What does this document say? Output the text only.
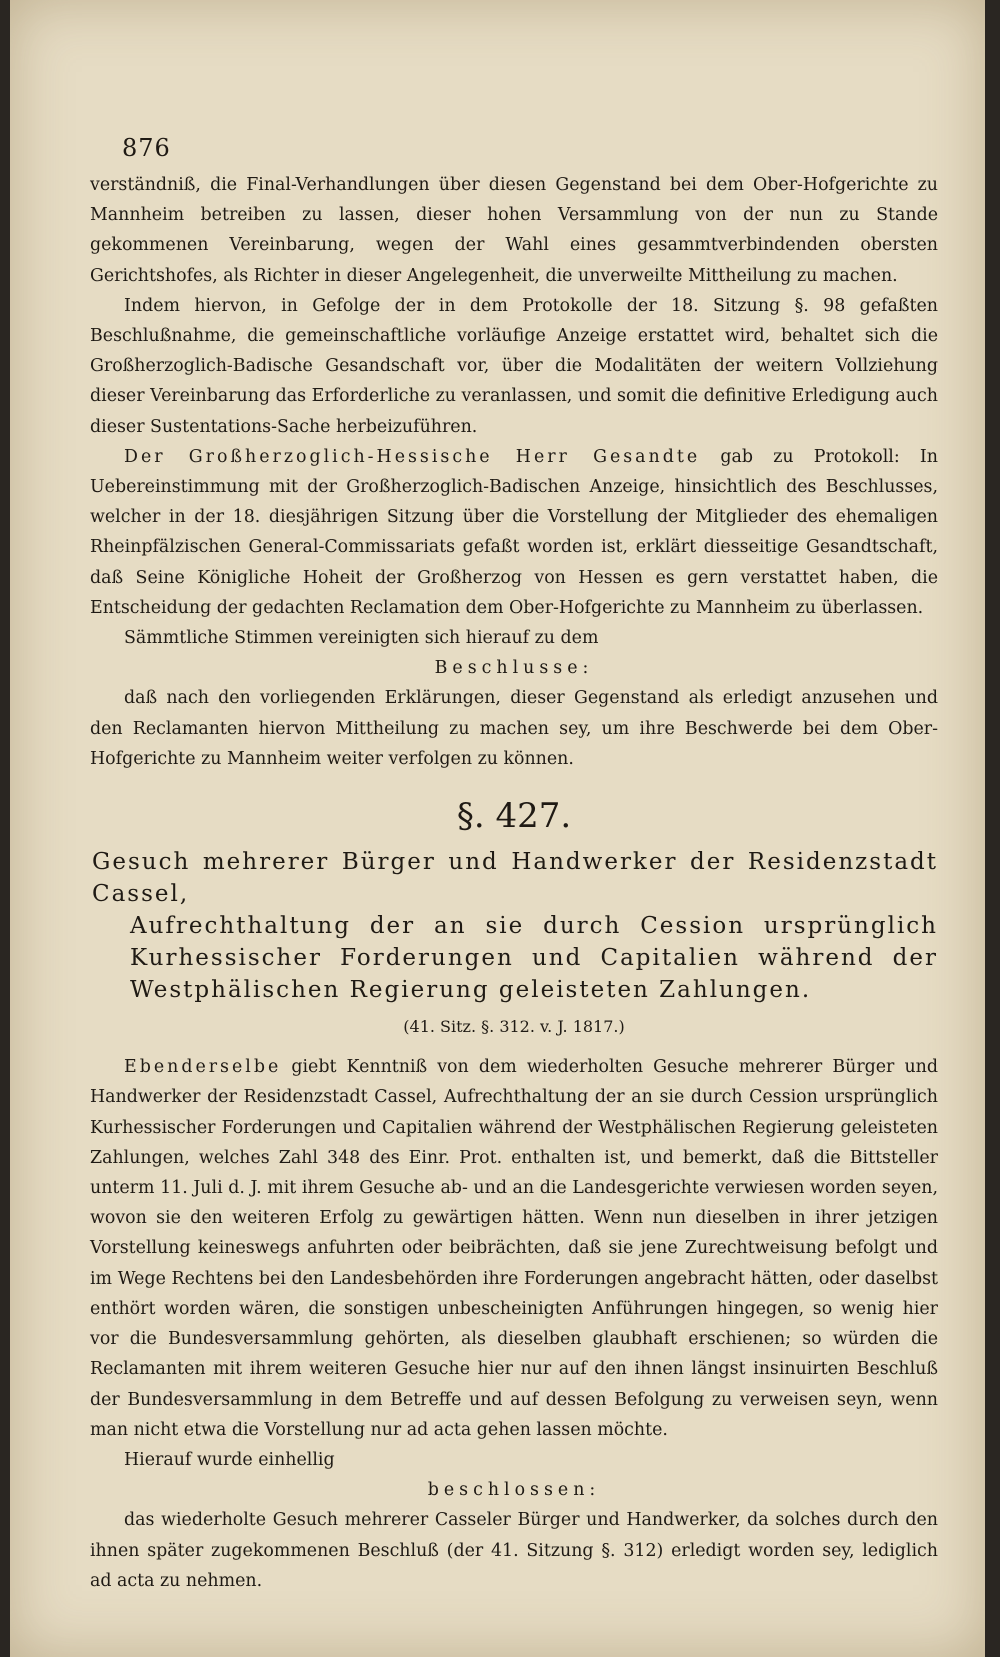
876

verständniß, die Final-Verhandlungen über diesen Gegenstand bei dem Ober-Hofgerichte zu Mannheim betreiben zu lassen, dieser hohen Versammlung von der nun zu Stande gekommenen Vereinbarung, wegen der Wahl eines gesammtverbindenden obersten Gerichtshofes, als Richter in dieser Angelegenheit, die unverweilte Mittheilung zu machen.

Indem hiervon, in Gefolge der in dem Protokolle der 18. Sitzung §. 98 gefaßten Beschlußnahme, die gemeinschaftliche vorläufige Anzeige erstattet wird, behaltet sich die Großherzoglich-Badische Gesandschaft vor, über die Modalitäten der weitern Vollziehung dieser Vereinbarung das Erforderliche zu veranlassen, und somit die definitive Erledigung auch dieser Sustentations-Sache herbeizuführen.

Der Großherzoglich-Hessische Herr Gesandte gab zu Protokoll: In Uebereinstimmung mit der Großherzoglich-Badischen Anzeige, hinsichtlich des Beschlusses, welcher in der 18. diesjährigen Sitzung über die Vorstellung der Mitglieder des ehemaligen Rheinpfälzischen General-Commissariats gefaßt worden ist, erklärt diesseitige Gesandtschaft, daß Seine Königliche Hoheit der Großherzog von Hessen es gern verstattet haben, die Entscheidung der gedachten Reclamation dem Ober-Hofgerichte zu Mannheim zu überlassen.

Sämmtliche Stimmen vereinigten sich hierauf zu dem

Beschlusse:

daß nach den vorliegenden Erklärungen, dieser Gegenstand als erledigt anzusehen und den Reclamanten hiervon Mittheilung zu machen sey, um ihre Beschwerde bei dem Ober-Hofgerichte zu Mannheim weiter verfolgen zu können.

§. 427.
Gesuch mehrerer Bürger und Handwerker der Residenzstadt Cassel,
Aufrechthaltung der an sie durch Cession ursprünglich Kurhessischer Forderungen und Capitalien während der Westphälischen Regierung geleisteten Zahlungen.
(41. Sitz. §. 312. v. J. 1817.)

Ebenderselbe giebt Kenntniß von dem wiederholten Gesuche mehrerer Bürger und Handwerker der Residenzstadt Cassel, Aufrechthaltung der an sie durch Cession ursprünglich Kurhessischer Forderungen und Capitalien während der Westphälischen Regierung geleisteten Zahlungen, welches Zahl 348 des Einr. Prot. enthalten ist, und bemerkt, daß die Bittsteller unterm 11. Juli d. J. mit ihrem Gesuche ab- und an die Landesgerichte verwiesen worden seyen, wovon sie den weiteren Erfolg zu gewärtigen hätten. Wenn nun dieselben in ihrer jetzigen Vorstellung keineswegs anfuhrten oder beibrächten, daß sie jene Zurechtweisung befolgt und im Wege Rechtens bei den Landesbehörden ihre Forderungen angebracht hätten, oder daselbst enthört worden wären, die sonstigen unbescheinigten Anführungen hingegen, so wenig hier vor die Bundesversammlung gehörten, als dieselben glaubhaft erschienen; so würden die Reclamanten mit ihrem weiteren Gesuche hier nur auf den ihnen längst insinuirten Beschluß der Bundesversammlung in dem Betreffe und auf dessen Befolgung zu verweisen seyn, wenn man nicht etwa die Vorstellung nur ad acta gehen lassen möchte.

Hierauf wurde einhellig

beschlossen:

das wiederholte Gesuch mehrerer Casseler Bürger und Handwerker, da solches durch den ihnen später zugekommenen Beschluß (der 41. Sitzung §. 312) erledigt worden sey, lediglich ad acta zu nehmen.
